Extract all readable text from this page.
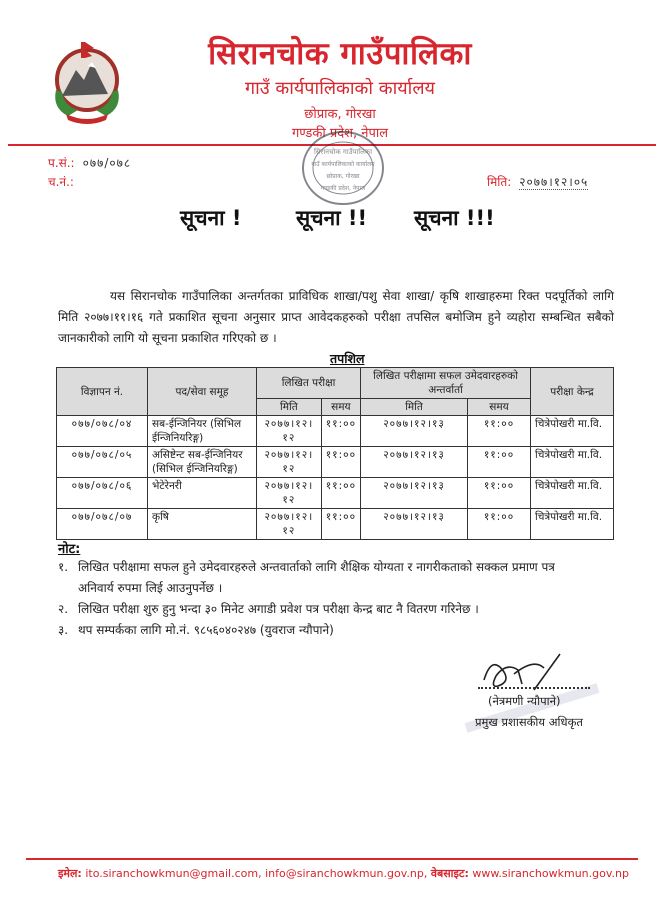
सिरानचोक गाउँपालिका
गाउँ कार्यपालिकाको कार्यालय
छोप्राक, गोरखा
गण्डकी प्रदेश, नेपाल
सिरानचोक गाउँपालिका
गाउँ कार्यपालिकाको कार्यालय
छोप्राक, गोरखा
गण्डकी प्रदेश, नेपाल
प.सं.: ०७७/०७८
च.नं.:	मिति: २०७७।१२।०५
सूचना !	सूचना !! सूचना !!!
यस सिरानचोक गाउँपालिका अन्तर्गतका प्राविधिक शाखा/पशु सेवा शाखा/ कृषि शाखाहरुमा रिक्त पदपूर्तिको लागि मिति २०७७।११।१६ गते प्रकाशित सूचना अनुसार प्राप्त आवेदकहरुको परीक्षा तपसिल बमोजिम हुने व्यहोरा सम्बन्धित सबैको जानकारीको लागि यो सूचना प्रकाशित गरिएको छ ।
तपशिल
विज्ञापन नं.	पद/सेवा समूह	लिखित परीक्षा		लिखित परीक्षामा सफल उमेदवारहरुको अन्तर्वार्ता		परीक्षा केन्द्र
		मिति	समय	मिति	समय	
०७७/०७८/०४	सब-ईन्जिनियर (सिभिल ईन्जिनियरिङ्ग)	२०७७।१२।१२	११:००	२०७७।१२।१३	११:००	चित्रेपोखरी मा.वि.
०७७/०७८/०५	असिष्टेन्ट सब-ईन्जिनियर (सिभिल ईन्जिनियरिङ्ग)	२०७७।१२।१२	११:००	२०७७।१२।१३	११:००	चित्रेपोखरी मा.वि.
०७७/०७८/०६	भेटेरेनरी	२०७७।१२।१२	११:००	२०७७।१२।१३	११:००	चित्रेपोखरी मा.वि.
०७७/०७८/०७	कृषि	२०७७।१२।१२	११:००	२०७७।१२।१३	११:००	चित्रेपोखरी मा.वि.
नोट:
१. लिखित परीक्षामा सफल हुने उमेदवारहरुले अन्तवार्ताको लागि शैक्षिक योग्यता र नागरीकताको सक्कल प्रमाण पत्र
अनिवार्य रुपमा लिई आउनुपर्नेछ ।
२. लिखित परीक्षा शुरु हुनु भन्दा ३० मिनेट अगाडी प्रवेश पत्र परीक्षा केन्द्र बाट नै वितरण गरिनेछ ।
३. थप सम्पर्कका लागि मो.नं. ९८५६०४०२४७ (युवराज न्यौपाने)
(नेत्रमणी न्यौपाने)
प्रमुख प्रशासकीय अधिकृत
इमेल: ito.siranchowkmun@gmail.com, info@siranchowkmun.gov.np, वेबसाइट: www.siranchowkmun.gov.np
